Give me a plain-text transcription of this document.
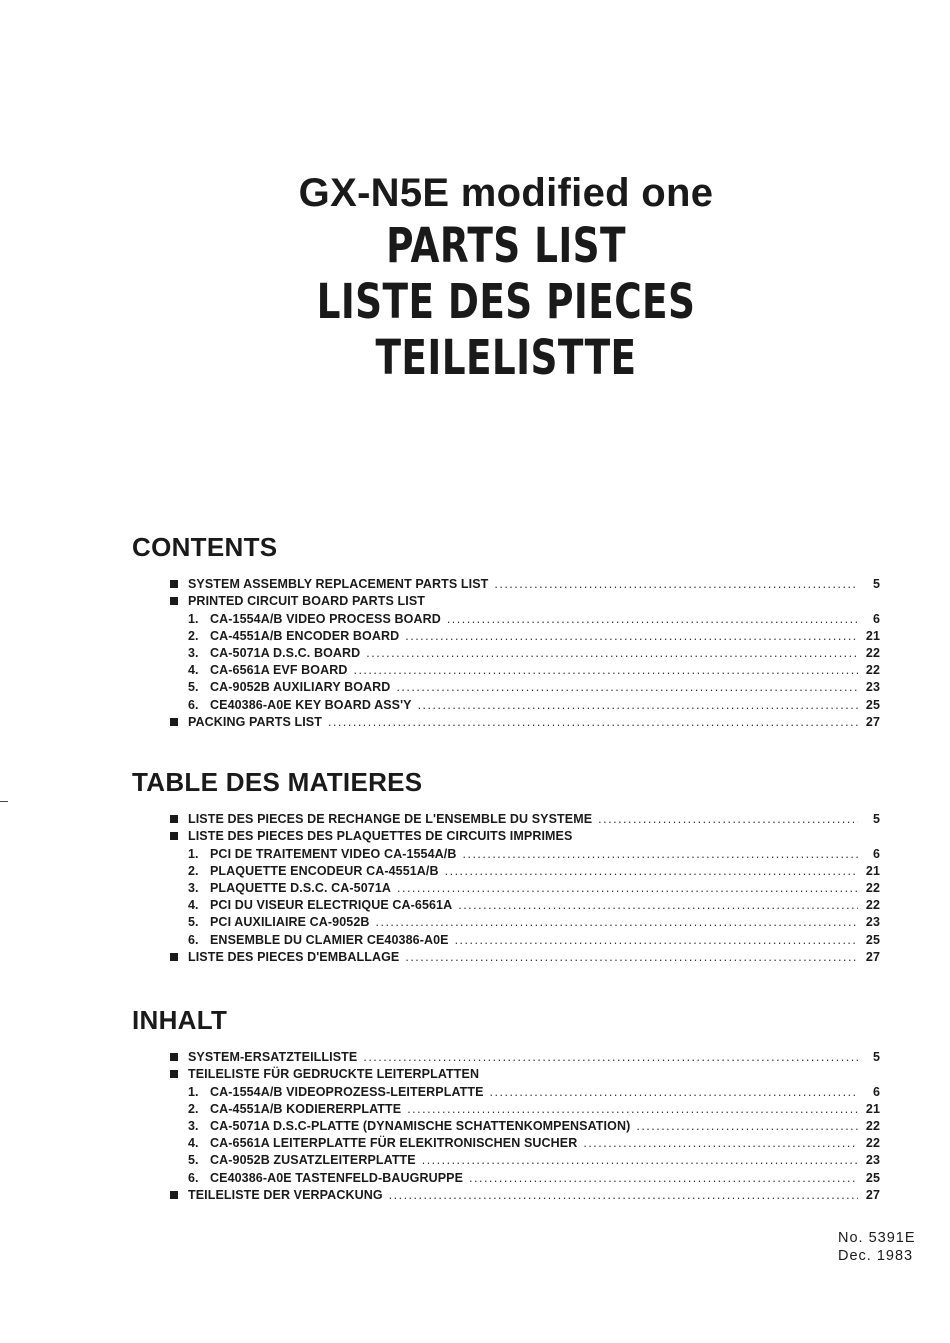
GX-N5E modified one
PARTS LIST
LISTE DES PIECES
TEILELISTTE
CONTENTS
SYSTEM ASSEMBLY REPLACEMENT PARTS LIST .....	5
PRINTED CIRCUIT BOARD PARTS LIST
1. CA-1554A/B VIDEO PROCESS BOARD .....	6
2. CA-4551A/B ENCODER BOARD .....	21
3. CA-5071A D.S.C. BOARD .....	22
4. CA-6561A EVF BOARD .....	22
5. CA-9052B AUXILIARY BOARD .....	23
6. CE40386-A0E KEY BOARD ASS'Y .....	25
PACKING PARTS LIST .....	27
TABLE DES MATIERES
LISTE DES PIECES DE RECHANGE DE L'ENSEMBLE DU SYSTEME .....	5
LISTE DES PIECES DES PLAQUETTES DE CIRCUITS IMPRIMES
1. PCI DE TRAITEMENT VIDEO CA-1554A/B .....	6
2. PLAQUETTE ENCODEUR CA-4551A/B .....	21
3. PLAQUETTE D.S.C. CA-5071A .....	22
4. PCI DU VISEUR ELECTRIQUE CA-6561A .....	22
5. PCI AUXILIAIRE CA-9052B .....	23
6. ENSEMBLE DU CLAMIER CE40386-A0E .....	25
LISTE DES PIECES D'EMBALLAGE .....	27
INHALT
SYSTEM-ERSATZTEILLISTE .....	5
TEILELISTE FÜR GEDRUCKTE LEITERPLATTEN
1. CA-1554A/B VIDEOPROZESS-LEITERPLATTE .....	6
2. CA-4551A/B KODIERERPLATTE .....	21
3. CA-5071A D.S.C-PLATTE (DYNAMISCHE SCHATTENKOMPENSATION) .....	22
4. CA-6561A LEITERPLATTE FÜR ELEKITRONISCHEN SUCHER .....	22
5. CA-9052B ZUSATZLEITERPLATTE .....	23
6. CE40386-A0E TASTENFELD-BAUGRUPPE .....	25
TEILELISTE DER VERPACKUNG .....	27
No. 5391E
Dec. 1983
